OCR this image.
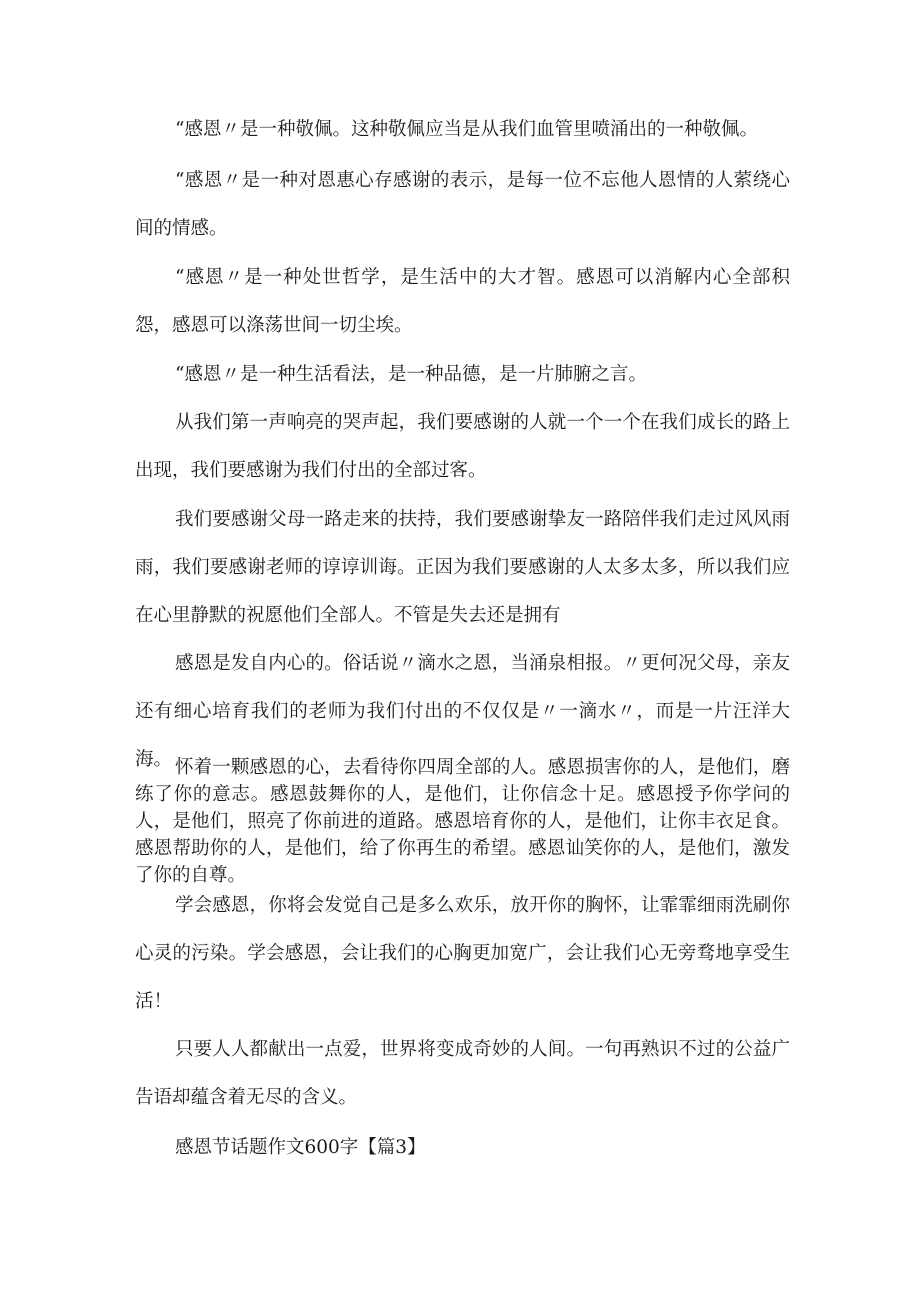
“感恩〃是一种敬佩。这种敬佩应当是从我们血管里喷涌出的一种敬佩。

“感恩〃是一种对恩惠心存感谢的表示，是每一位不忘他人恩情的人萦绕心间的情感。

“感恩〃是一种处世哲学，是生活中的大才智。感恩可以消解内心全部积怨，感恩可以涤荡世间一切尘埃。

“感恩〃是一种生活看法，是一种品德，是一片肺腑之言。

从我们第一声响亮的哭声起，我们要感谢的人就一个一个在我们成长的路上出现，我们要感谢为我们付出的全部过客。

我们要感谢父母一路走来的扶持，我们要感谢挚友一路陪伴我们走过风风雨雨，我们要感谢老师的谆谆训诲。正因为我们要感谢的人太多太多，所以我们应在心里静默的祝愿他们全部人。不管是失去还是拥有

感恩是发自内心的。俗话说〃滴水之恩，当涌泉相报。〃更何况父母，亲友还有细心培育我们的老师为我们付出的不仅仅是〃一滴水〃，而是一片汪洋大海。 怀着一颗感恩的心，去看待你四周全部的人。感恩损害你的人，是他们，磨练了你的意志。感恩鼓舞你的人，是他们，让你信念十足。感恩授予你学问的人，是他们，照亮了你前进的道路。感恩培育你的人，是他们，让你丰衣足食。感恩帮助你的人，是他们，给了你再生的希望。感恩讪笑你的人，是他们，激发了你的自尊。

学会感恩，你将会发觉自己是多么欢乐，放开你的胸怀，让霏霏细雨洗刷你心灵的污染。学会感恩，会让我们的心胸更加宽广，会让我们心无旁骛地享受生活！

只要人人都献出一点爱，世界将变成奇妙的人间。一句再熟识不过的公益广告语却蕴含着无尽的含义。

感恩节话题作文600字【篇3】
